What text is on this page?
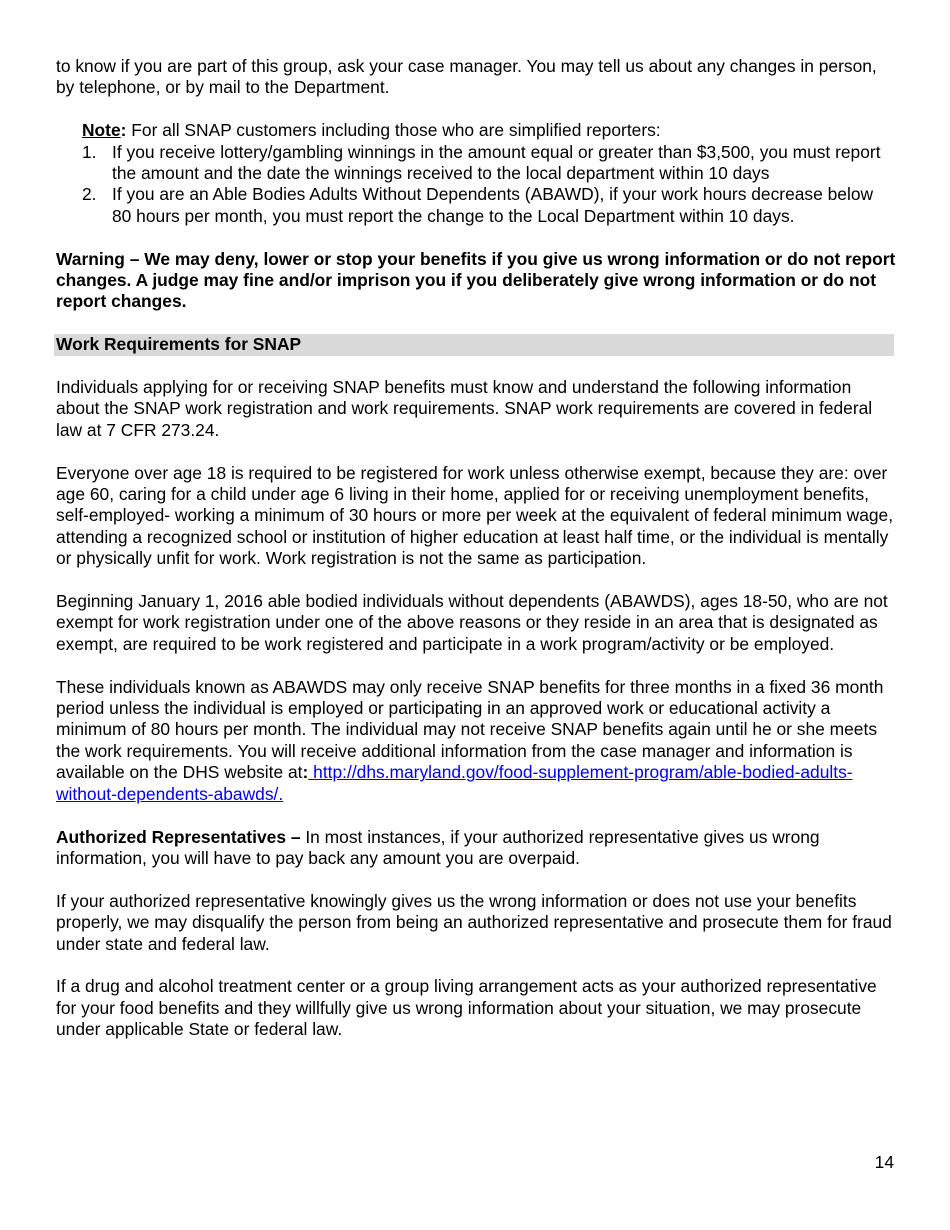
to know if you are part of this group, ask your case manager. You may tell us about any changes in person, by telephone, or by mail to the Department.

Note: For all SNAP customers including those who are simplified reporters:

1. If you receive lottery/gambling winnings in the amount equal or greater than $3,500, you must report the amount and the date the winnings received to the local department within 10 days
2. If you are an Able Bodies Adults Without Dependents (ABAWD), if your work hours decrease below 80 hours per month, you must report the change to the Local Department within 10 days.

Warning – We may deny, lower or stop your benefits if you give us wrong information or do not report changes. A judge may fine and/or imprison you if you deliberately give wrong information or do not report changes.

Work Requirements for SNAP

Individuals applying for or receiving SNAP benefits must know and understand the following information about the SNAP work registration and work requirements. SNAP work requirements are covered in federal law at 7 CFR 273.24.

Everyone over age 18 is required to be registered for work unless otherwise exempt, because they are: over age 60, caring for a child under age 6 living in their home, applied for or receiving unemployment benefits, self-employed- working a minimum of 30 hours or more per week at the equivalent of federal minimum wage, attending a recognized school or institution of higher education at least half time, or the individual is mentally or physically unfit for work. Work registration is not the same as participation.

Beginning January 1, 2016 able bodied individuals without dependents (ABAWDS), ages 18-50, who are not exempt for work registration under one of the above reasons or they reside in an area that is designated as exempt, are required to be work registered and participate in a work program/activity or be employed.

These individuals known as ABAWDS may only receive SNAP benefits for three months in a fixed 36 month period unless the individual is employed or participating in an approved work or educational activity a minimum of 80 hours per month. The individual may not receive SNAP benefits again until he or she meets the work requirements. You will receive additional information from the case manager and information is available on the DHS website at: http://dhs.maryland.gov/food-supplement-program/able-bodied-adults-without-dependents-abawds/.

Authorized Representatives – In most instances, if your authorized representative gives us wrong information, you will have to pay back any amount you are overpaid.

If your authorized representative knowingly gives us the wrong information or does not use your benefits properly, we may disqualify the person from being an authorized representative and prosecute them for fraud under state and federal law.

If a drug and alcohol treatment center or a group living arrangement acts as your authorized representative for your food benefits and they willfully give us wrong information about your situation, we may prosecute under applicable State or federal law.

14
